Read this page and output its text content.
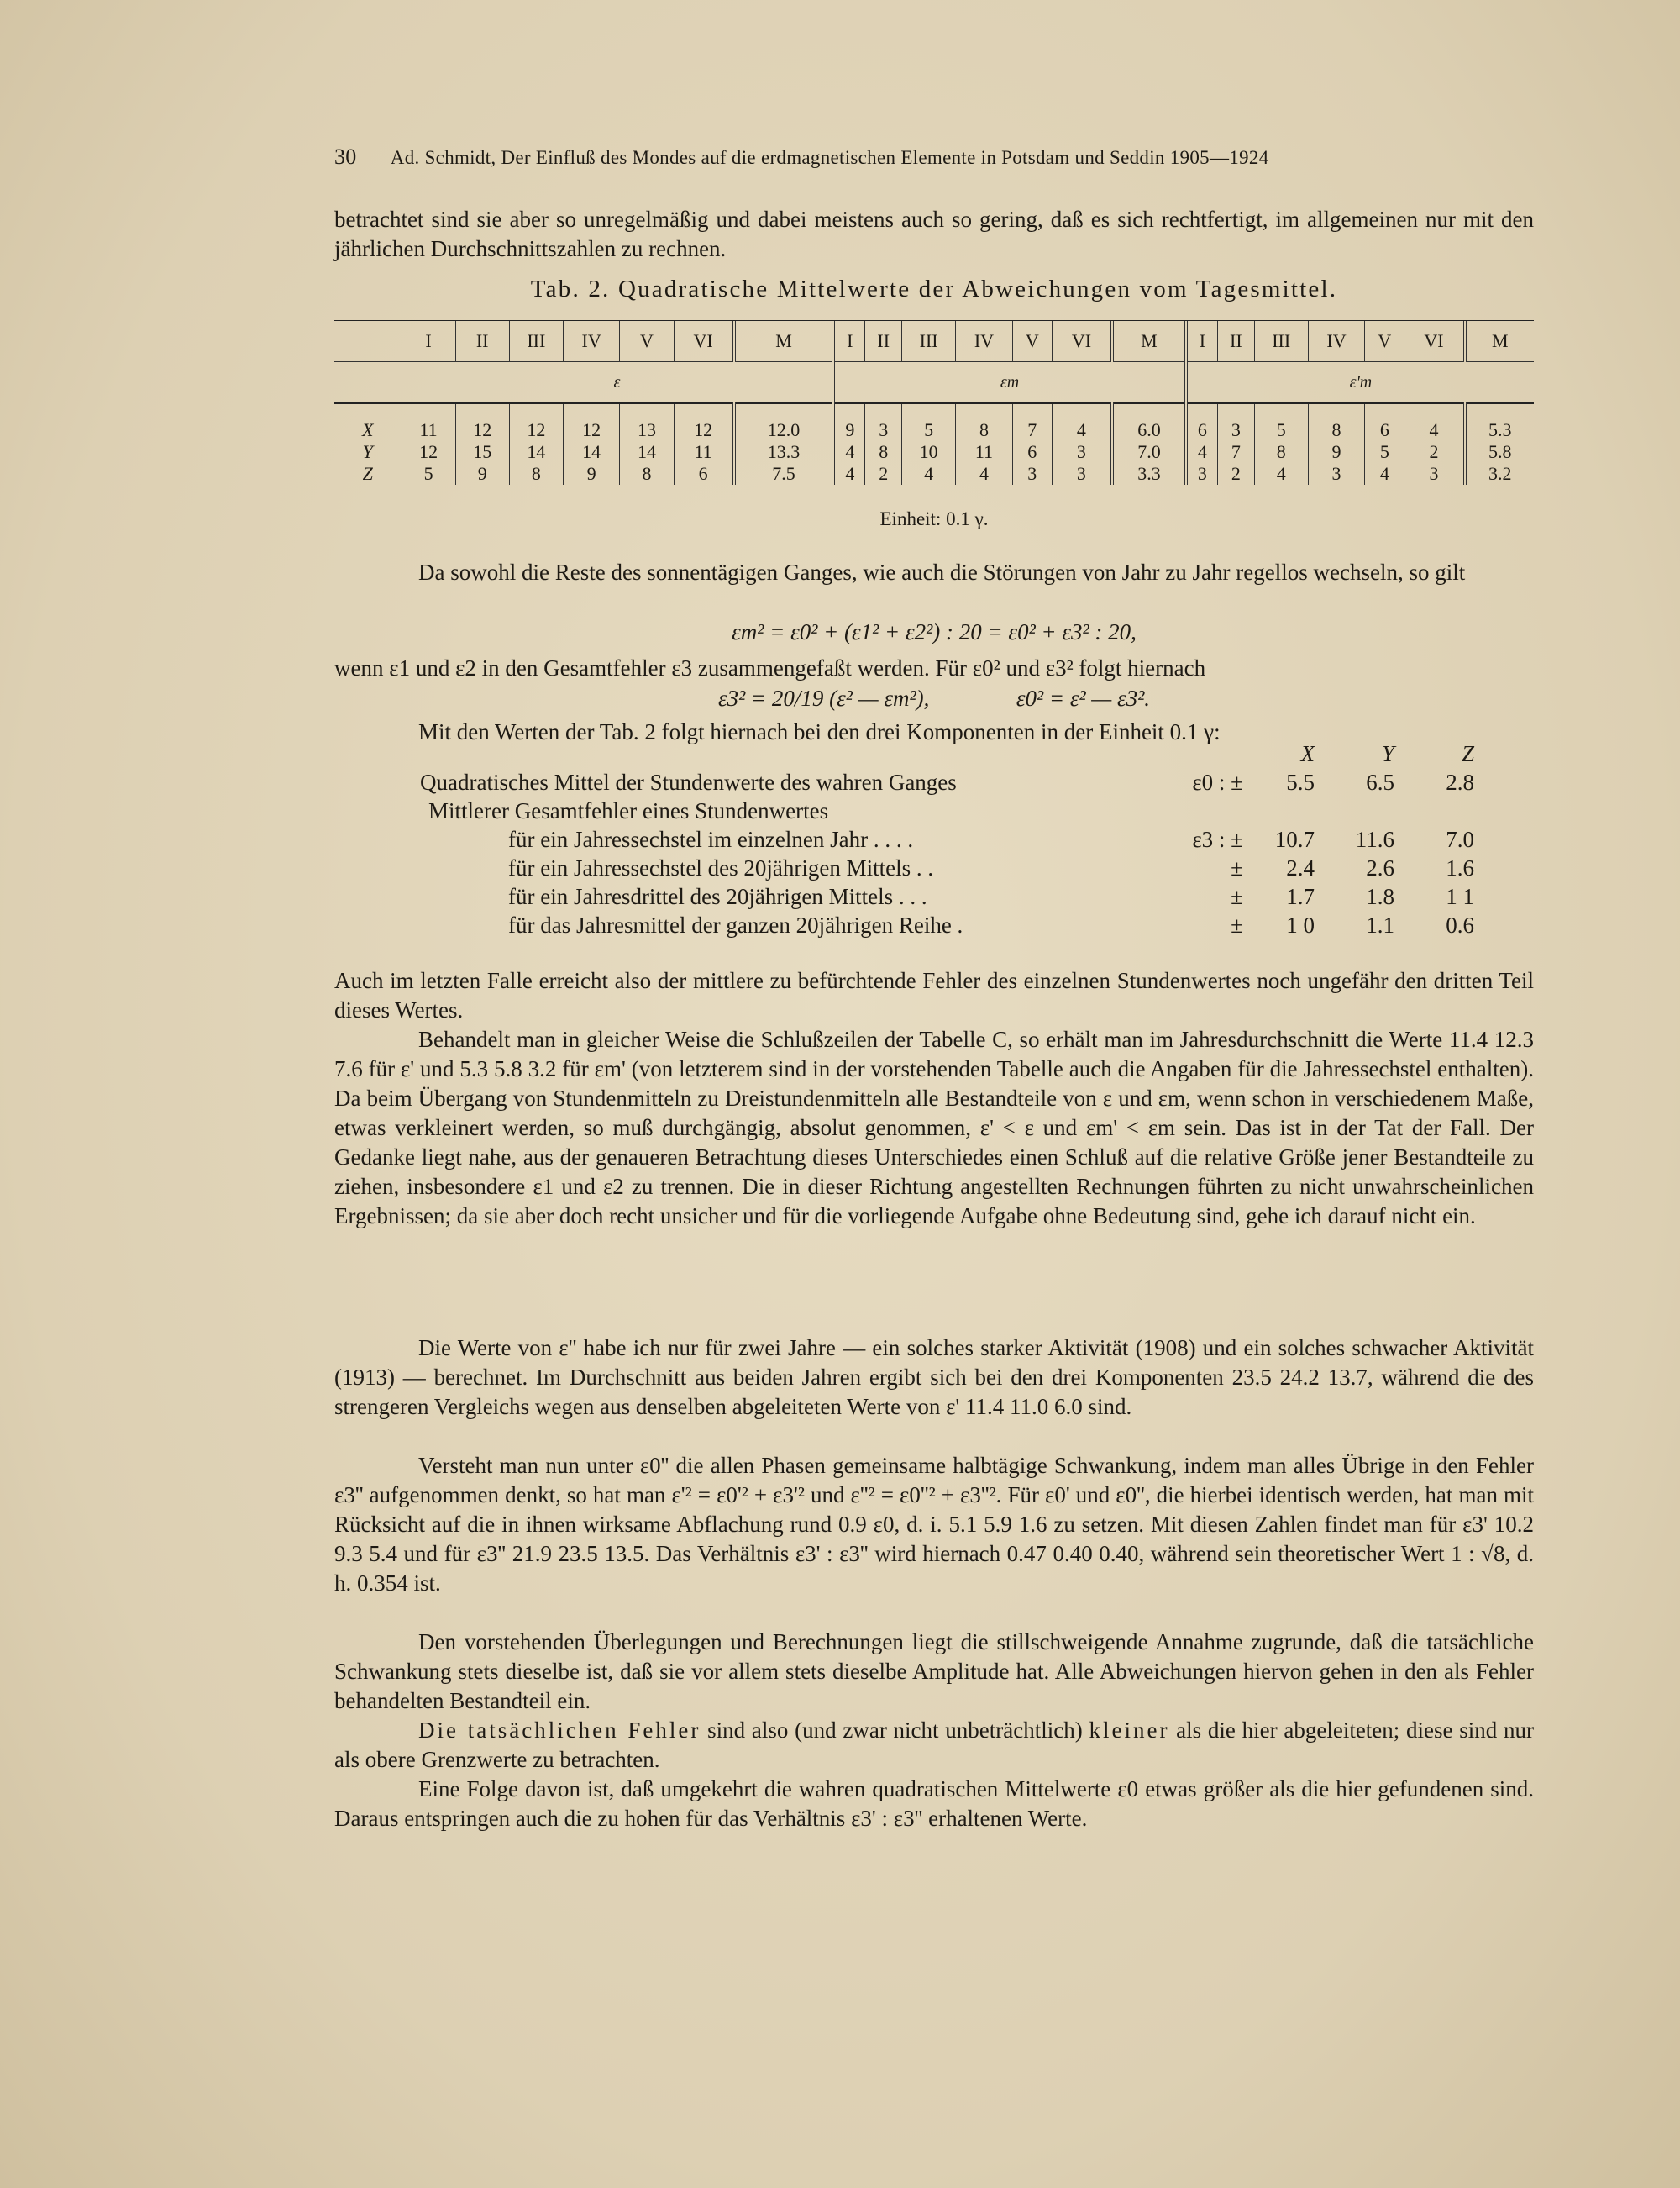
30 Ad. Schmidt, Der Einfluß des Mondes auf die erdmagnetischen Elemente in Potsdam und Seddin 1905—1924
betrachtet sind sie aber so unregelmäßig und dabei meistens auch so gering, daß es sich rechtfertigt, im allgemeinen nur mit den jährlichen Durchschnittszahlen zu rechnen.
Tab. 2. Quadratische Mittelwerte der Abweichungen vom Tagesmittel.
	I	II	III	IV	V	VI	M	I	II	III	IV	V	VI	M	I	II	III	IV	V	VI	M
	ε							εm							ε'm						
X	11	12	12	12	13	12	12.0	9	3	5	8	7	4	6.0	6	3	5	8	6	4	5.3
Y	12	15	14	14	14	11	13.3	4	8	10	11	6	3	7.0	4	7	8	9	5	2	5.8
Z	5	9	8	9	8	6	7.5	4	2	4	4	3	3	3.3	3	2	4	3	4	3	3.2
Einheit: 0.1 γ.
Da sowohl die Reste des sonnentägigen Ganges, wie auch die Störungen von Jahr zu Jahr regellos wechseln, so gilt
εm² = ε0² + (ε1² + ε2²) : 20 = ε0² + ε3² : 20,
wenn ε1 und ε2 in den Gesamtfehler ε3 zusammengefaßt werden. Für ε0² und ε3² folgt hiernach
ε3² = 20/19 (ε² — εm²),	ε0² = ε² — ε3².
Mit den Werten der Tab. 2 folgt hiernach bei den drei Komponenten in der Einheit 0.1 γ:
X	Y	Z
Quadratisches Mittel der Stundenwerte des wahren Ganges	ε0 : ±	5.5	6.5	2.8
Mittlerer Gesamtfehler eines Stundenwertes
für ein Jahressechstel im einzelnen Jahr . . . .	ε3 : ±	10.7	11.6	7.0
für ein Jahressechstel des 20jährigen Mittels . .	±	2.4	2.6	1.6
für ein Jahresdrittel des 20jährigen Mittels . . .	±	1.7	1.8	1 1
für das Jahresmittel der ganzen 20jährigen Reihe .	±	1 0	1.1	0.6
Auch im letzten Falle erreicht also der mittlere zu befürchtende Fehler des einzelnen Stundenwertes noch ungefähr den dritten Teil dieses Wertes.
Behandelt man in gleicher Weise die Schlußzeilen der Tabelle C, so erhält man im Jahresdurchschnitt die Werte 11.4 12.3 7.6 für ε' und 5.3 5.8 3.2 für εm' (von letzterem sind in der vorstehenden Tabelle auch die Angaben für die Jahressechstel enthalten). Da beim Übergang von Stundenmitteln zu Dreistundenmitteln alle Bestandteile von ε und εm, wenn schon in verschiedenem Maße, etwas verkleinert werden, so muß durchgängig, absolut genommen, ε' < ε und εm' < εm sein. Das ist in der Tat der Fall. Der Gedanke liegt nahe, aus der genaueren Betrachtung dieses Unterschiedes einen Schluß auf die relative Größe jener Bestandteile zu ziehen, insbesondere ε1 und ε2 zu trennen. Die in dieser Richtung angestellten Rechnungen führten zu nicht unwahrscheinlichen Ergebnissen; da sie aber doch recht unsicher und für die vorliegende Aufgabe ohne Bedeutung sind, gehe ich darauf nicht ein.
Die Werte von ε'' habe ich nur für zwei Jahre — ein solches starker Aktivität (1908) und ein solches schwacher Aktivität (1913) — berechnet. Im Durchschnitt aus beiden Jahren ergibt sich bei den drei Komponenten 23.5 24.2 13.7, während die des strengeren Vergleichs wegen aus denselben abgeleiteten Werte von ε' 11.4 11.0 6.0 sind.
Versteht man nun unter ε0'' die allen Phasen gemeinsame halbtägige Schwankung, indem man alles Übrige in den Fehler ε3'' aufgenommen denkt, so hat man ε'² = ε0'² + ε3'² und ε''² = ε0''² + ε3''². Für ε0' und ε0'', die hierbei identisch werden, hat man mit Rücksicht auf die in ihnen wirksame Abflachung rund 0.9 ε0, d. i. 5.1 5.9 1.6 zu setzen. Mit diesen Zahlen findet man für ε3' 10.2 9.3 5.4 und für ε3'' 21.9 23.5 13.5. Das Verhältnis ε3' : ε3'' wird hiernach 0.47 0.40 0.40, während sein theoretischer Wert 1 : √8, d. h. 0.354 ist.
Den vorstehenden Überlegungen und Berechnungen liegt die stillschweigende Annahme zugrunde, daß die tatsächliche Schwankung stets dieselbe ist, daß sie vor allem stets dieselbe Amplitude hat. Alle Abweichungen hiervon gehen in den als Fehler behandelten Bestandteil ein.
Die tatsächlichen Fehler sind also (und zwar nicht unbeträchtlich) kleiner als die hier abgeleiteten; diese sind nur als obere Grenzwerte zu betrachten.
Eine Folge davon ist, daß umgekehrt die wahren quadratischen Mittelwerte ε0 etwas größer als die hier gefundenen sind. Daraus entspringen auch die zu hohen für das Verhältnis ε3' : ε3'' erhaltenen Werte.
